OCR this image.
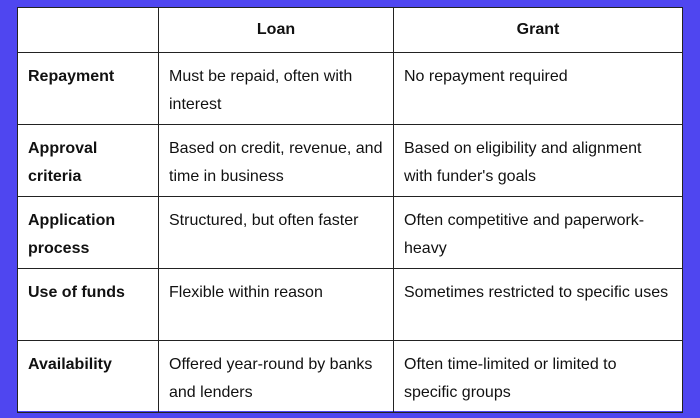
	Loan	Grant
Repayment	Must be repaid, often with interest	No repayment required
Approval criteria	Based on credit, revenue, and time in business	Based on eligibility and alignment with funder's goals
Application process	Structured, but often faster	Often competitive and paperwork-heavy
Use of funds	Flexible within reason	Sometimes restricted to specific uses
Availability	Offered year-round by banks and lenders	Often time-limited or limited to specific groups
